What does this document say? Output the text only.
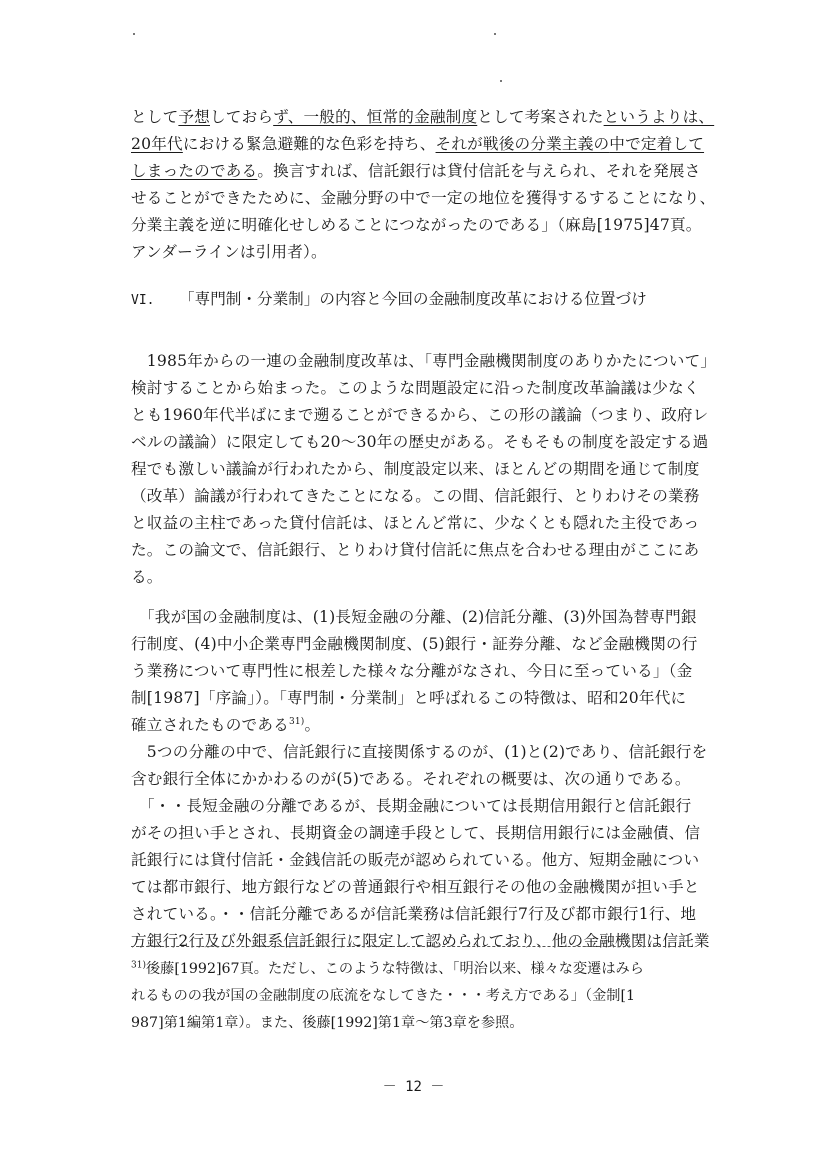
として予想しておらず、一般的、恒常的金融制度として考案されたというよりは、
20年代における緊急避難的な色彩を持ち、それが戦後の分業主義の中で定着して
しまったのである。換言すれば、信託銀行は貸付信託を与えられ、それを発展さ
せることができたために、金融分野の中で一定の地位を獲得するすることになり、
分業主義を逆に明確化せしめることにつながったのである」（麻島[1975]47頁。
アンダーラインは引用者）。
VI. 「専門制・分業制」の内容と今回の金融制度改革における位置づけ
　1985年からの一連の金融制度改革は、「専門金融機関制度のありかたについて」
検討することから始まった。このような問題設定に沿った制度改革論議は少なく
とも1960年代半ばにまで遡ることができるから、この形の議論（つまり、政府レ
ベルの議論）に限定しても20～30年の歴史がある。そもそもの制度を設定する過
程でも激しい議論が行われたから、制度設定以来、ほとんどの期間を通じて制度
（改革）論議が行われてきたことになる。この間、信託銀行、とりわけその業務
と収益の主柱であった貸付信託は、ほとんど常に、少なくとも隠れた主役であっ
た。この論文で、信託銀行、とりわけ貸付信託に焦点を合わせる理由がここにあ
る。
　「我が国の金融制度は、(1)長短金融の分離、(2)信託分離、(3)外国為替専門銀
行制度、(4)中小企業専門金融機関制度、(5)銀行・証券分離、など金融機関の行
う業務について専門性に根差した様々な分離がなされ、今日に至っている」（金
制[1987]「序論」）。「専門制・分業制」と呼ばれるこの特徴は、昭和20年代に
確立されたものである$^{31)}$。
　5つの分離の中で、信託銀行に直接関係するのが、(1)と(2)であり、信託銀行を
含む銀行全体にかかわるのが(5)である。それぞれの概要は、次の通りである。
　「・・長短金融の分離であるが、長期金融については長期信用銀行と信託銀行
がその担い手とされ、長期資金の調達手段として、長期信用銀行には金融債、信
託銀行には貸付信託・金銭信託の販売が認められている。他方、短期金融につい
ては都市銀行、地方銀行などの普通銀行や相互銀行その他の金融機関が担い手と
されている。・・信託分離であるが信託業務は信託銀行7行及び都市銀行1行、地
方銀行2行及び外銀系信託銀行に限定して認められており、他の金融機関は信託業
$^{31)}$後藤[1992]67頁。ただし、このような特徴は、「明治以来、様々な変遷はみら
れるものの我が国の金融制度の底流をなしてきた・・・考え方である」（金制[1
987]第1編第1章）。また、後藤[1992]第1章～第3章を参照。
－ 12 －
